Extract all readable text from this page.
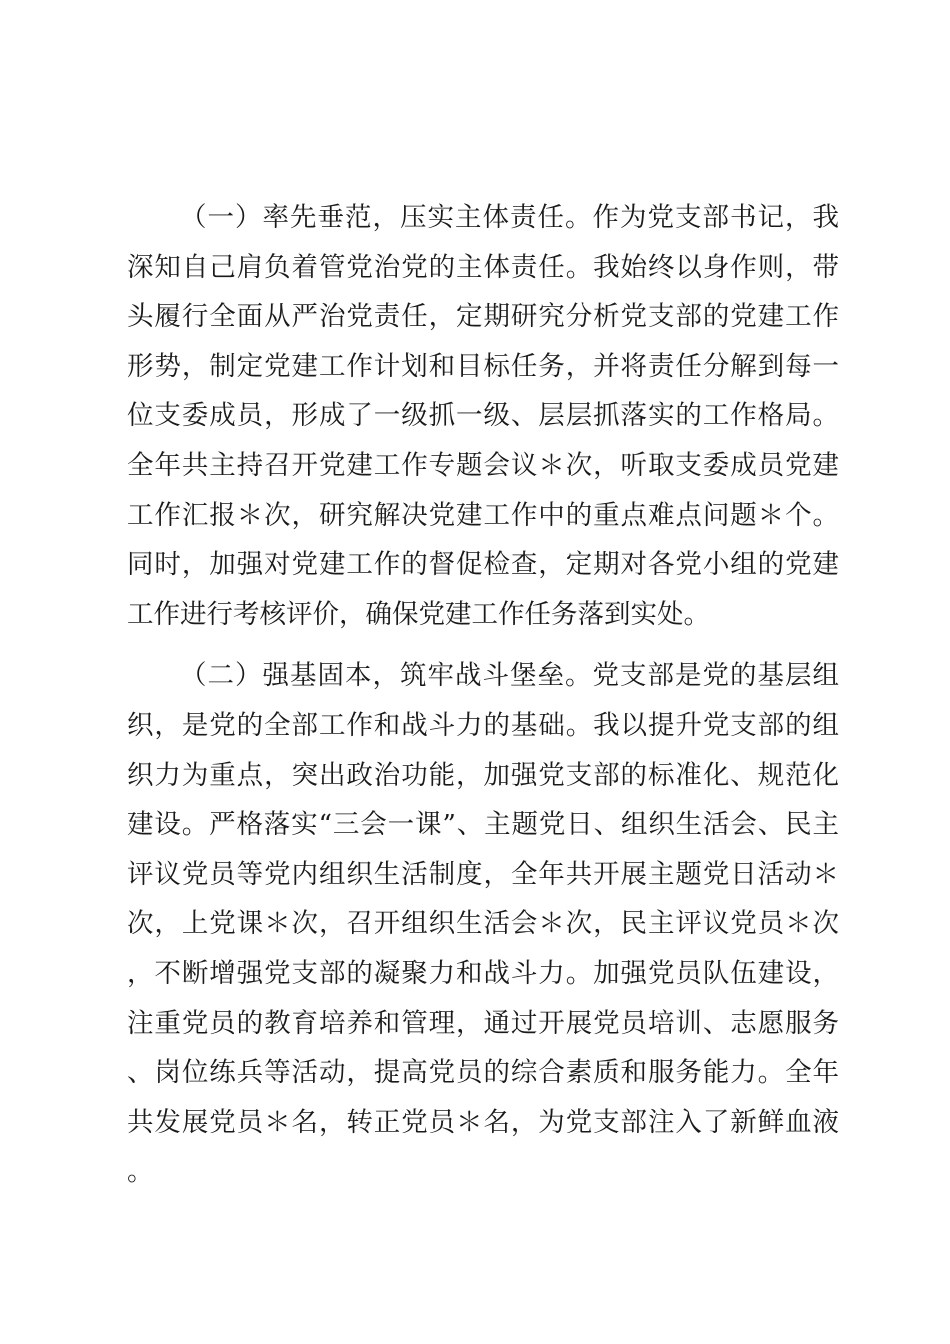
（一）率先垂范，压实主体责任。作为党支部书记，我深知自己肩负着管党治党的主体责任。我始终以身作则，带头履行全面从严治党责任，定期研究分析党支部的党建工作形势，制定党建工作计划和目标任务，并将责任分解到每一位支委成员，形成了一级抓一级、层层抓落实的工作格局。全年共主持召开党建工作专题会议＊次，听取支委成员党建工作汇报＊次，研究解决党建工作中的重点难点问题＊个。同时，加强对党建工作的督促检查，定期对各党小组的党建工作进行考核评价，确保党建工作任务落到实处。

（二）强基固本，筑牢战斗堡垒。党支部是党的基层组织，是党的全部工作和战斗力的基础。我以提升党支部的组织力为重点，突出政治功能，加强党支部的标准化、规范化建设。严格落实“三会一课”、主题党日、组织生活会、民主评议党员等党内组织生活制度，全年共开展主题党日活动＊次，上党课＊次，召开组织生活会＊次，民主评议党员＊次，不断增强党支部的凝聚力和战斗力。加强党员队伍建设，注重党员的教育培养和管理，通过开展党员培训、志愿服务、岗位练兵等活动，提高党员的综合素质和服务能力。全年共发展党员＊名，转正党员＊名，为党支部注入了新鲜血液。
